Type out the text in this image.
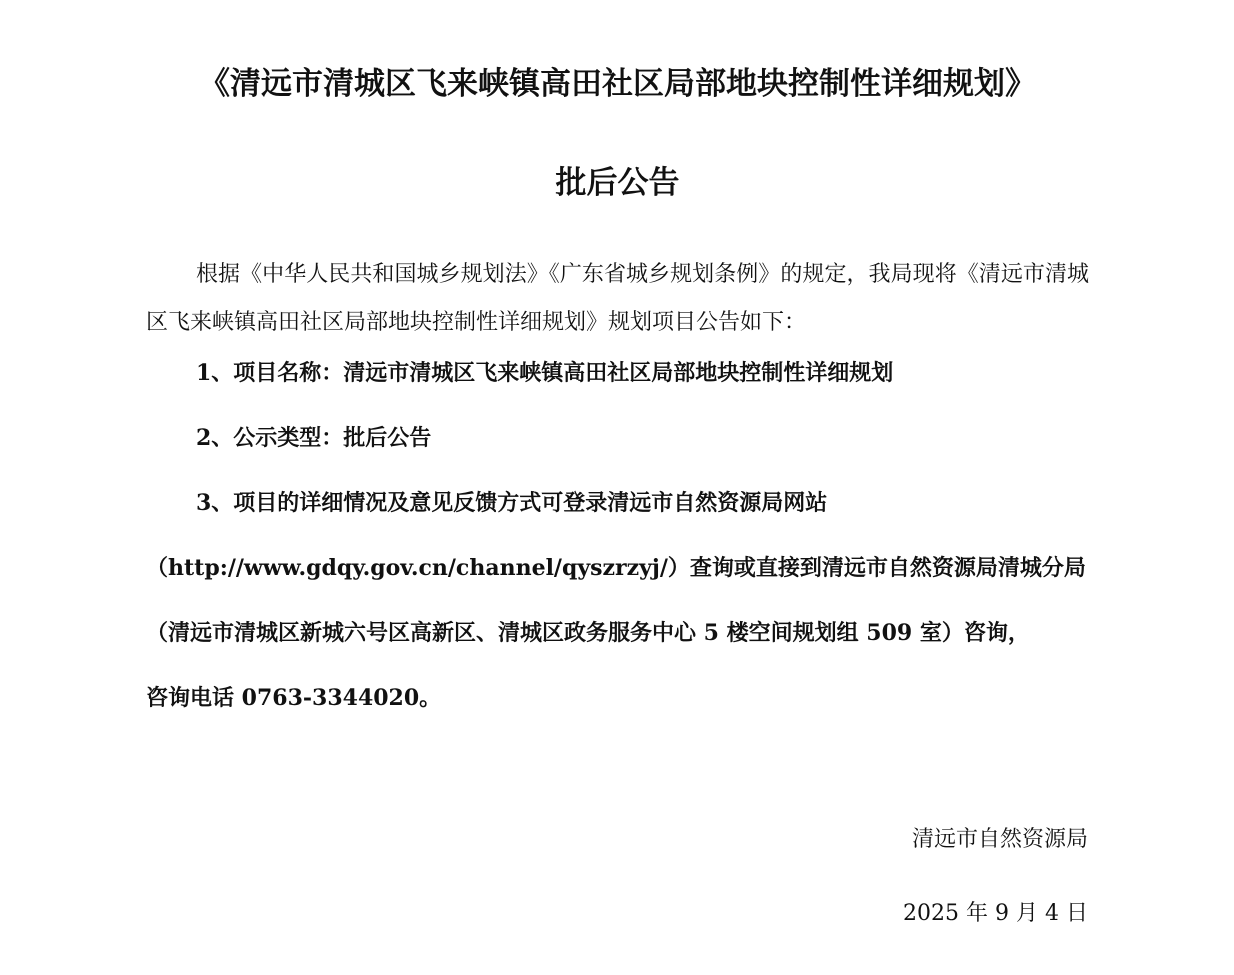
《清远市清城区飞来峡镇高田社区局部地块控制性详细规划》
批后公告
根据《中华人民共和国城乡规划法》《广东省城乡规划条例》的规定，我局现将《清远市清城区飞来峡镇高田社区局部地块控制性详细规划》规划项目公告如下：
1、项目名称：清远市清城区飞来峡镇高田社区局部地块控制性详细规划
2、公示类型：批后公告
3、项目的详细情况及意见反馈方式可登录清远市自然资源局网站
（http://www.gdqy.gov.cn/channel/qyszrzyj/）查询或直接到清远市自然资源局清城分局
（清远市清城区新城六号区高新区、清城区政务服务中心 5 楼空间规划组 509 室）咨询，
咨询电话 0763-3344020。
清远市自然资源局
2025 年 9 月 4 日
